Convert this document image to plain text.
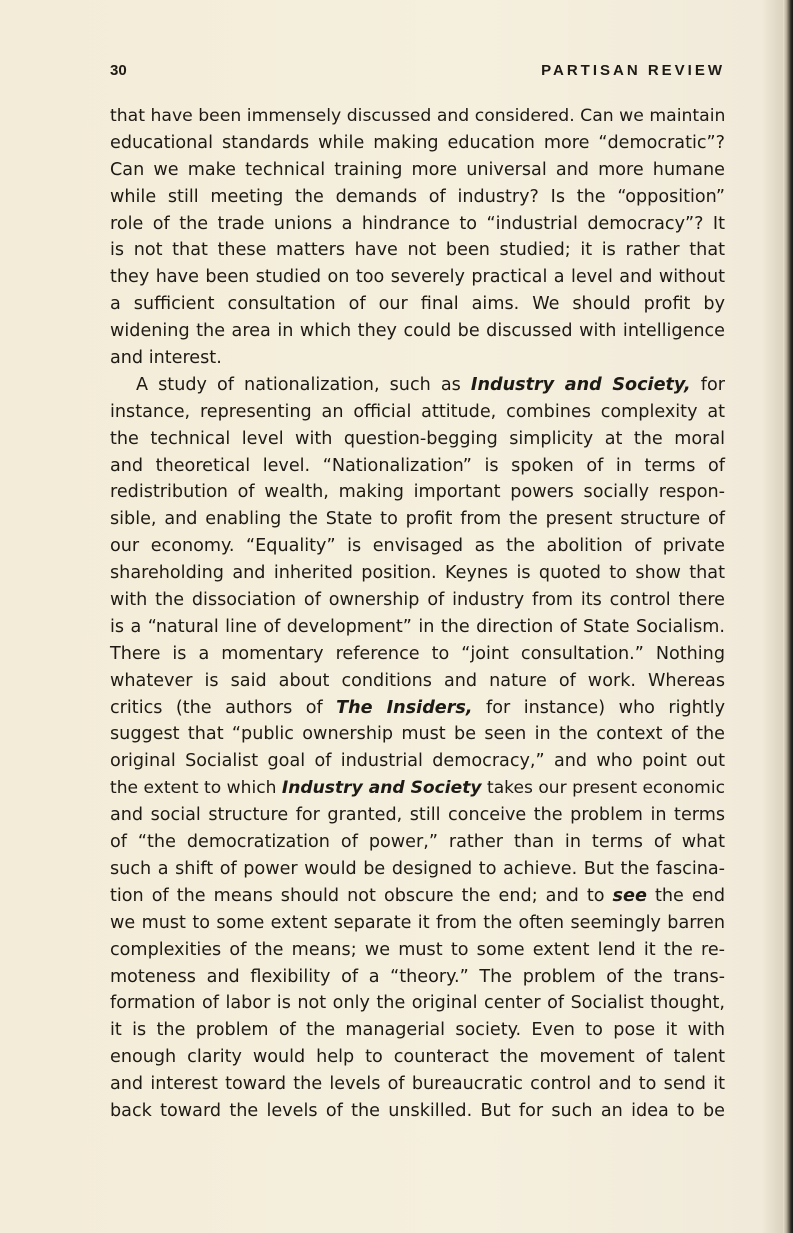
30	PARTISAN REVIEW
that have been immensely discussed and considered. Can we maintain
educational standards while making education more “democratic”?
Can we make technical training more universal and more humane
while still meeting the demands of industry? Is the “opposition”
role of the trade unions a hindrance to “industrial democracy”? It
is not that these matters have not been studied; it is rather that
they have been studied on too severely practical a level and without
a sufficient consultation of our final aims. We should profit by
widening the area in which they could be discussed with intelligence
and interest.
A study of nationalization, such as Industry and Society, for
instance, representing an official attitude, combines complexity at
the technical level with question-begging simplicity at the moral
and theoretical level. “Nationalization” is spoken of in terms of
redistribution of wealth, making important powers socially respon-
sible, and enabling the State to profit from the present structure of
our economy. “Equality” is envisaged as the abolition of private
shareholding and inherited position. Keynes is quoted to show that
with the dissociation of ownership of industry from its control there
is a “natural line of development” in the direction of State Socialism.
There is a momentary reference to “joint consultation.” Nothing
whatever is said about conditions and nature of work. Whereas
critics (the authors of The Insiders, for instance) who rightly
suggest that “public ownership must be seen in the context of the
original Socialist goal of industrial democracy,” and who point out
the extent to which Industry and Society takes our present economic
and social structure for granted, still conceive the problem in terms
of “the democratization of power,” rather than in terms of what
such a shift of power would be designed to achieve. But the fascina-
tion of the means should not obscure the end; and to see the end
we must to some extent separate it from the often seemingly barren
complexities of the means; we must to some extent lend it the re-
moteness and flexibility of a “theory.” The problem of the trans-
formation of labor is not only the original center of Socialist thought,
it is the problem of the managerial society. Even to pose it with
enough clarity would help to counteract the movement of talent
and interest toward the levels of bureaucratic control and to send it
back toward the levels of the unskilled. But for such an idea to be
